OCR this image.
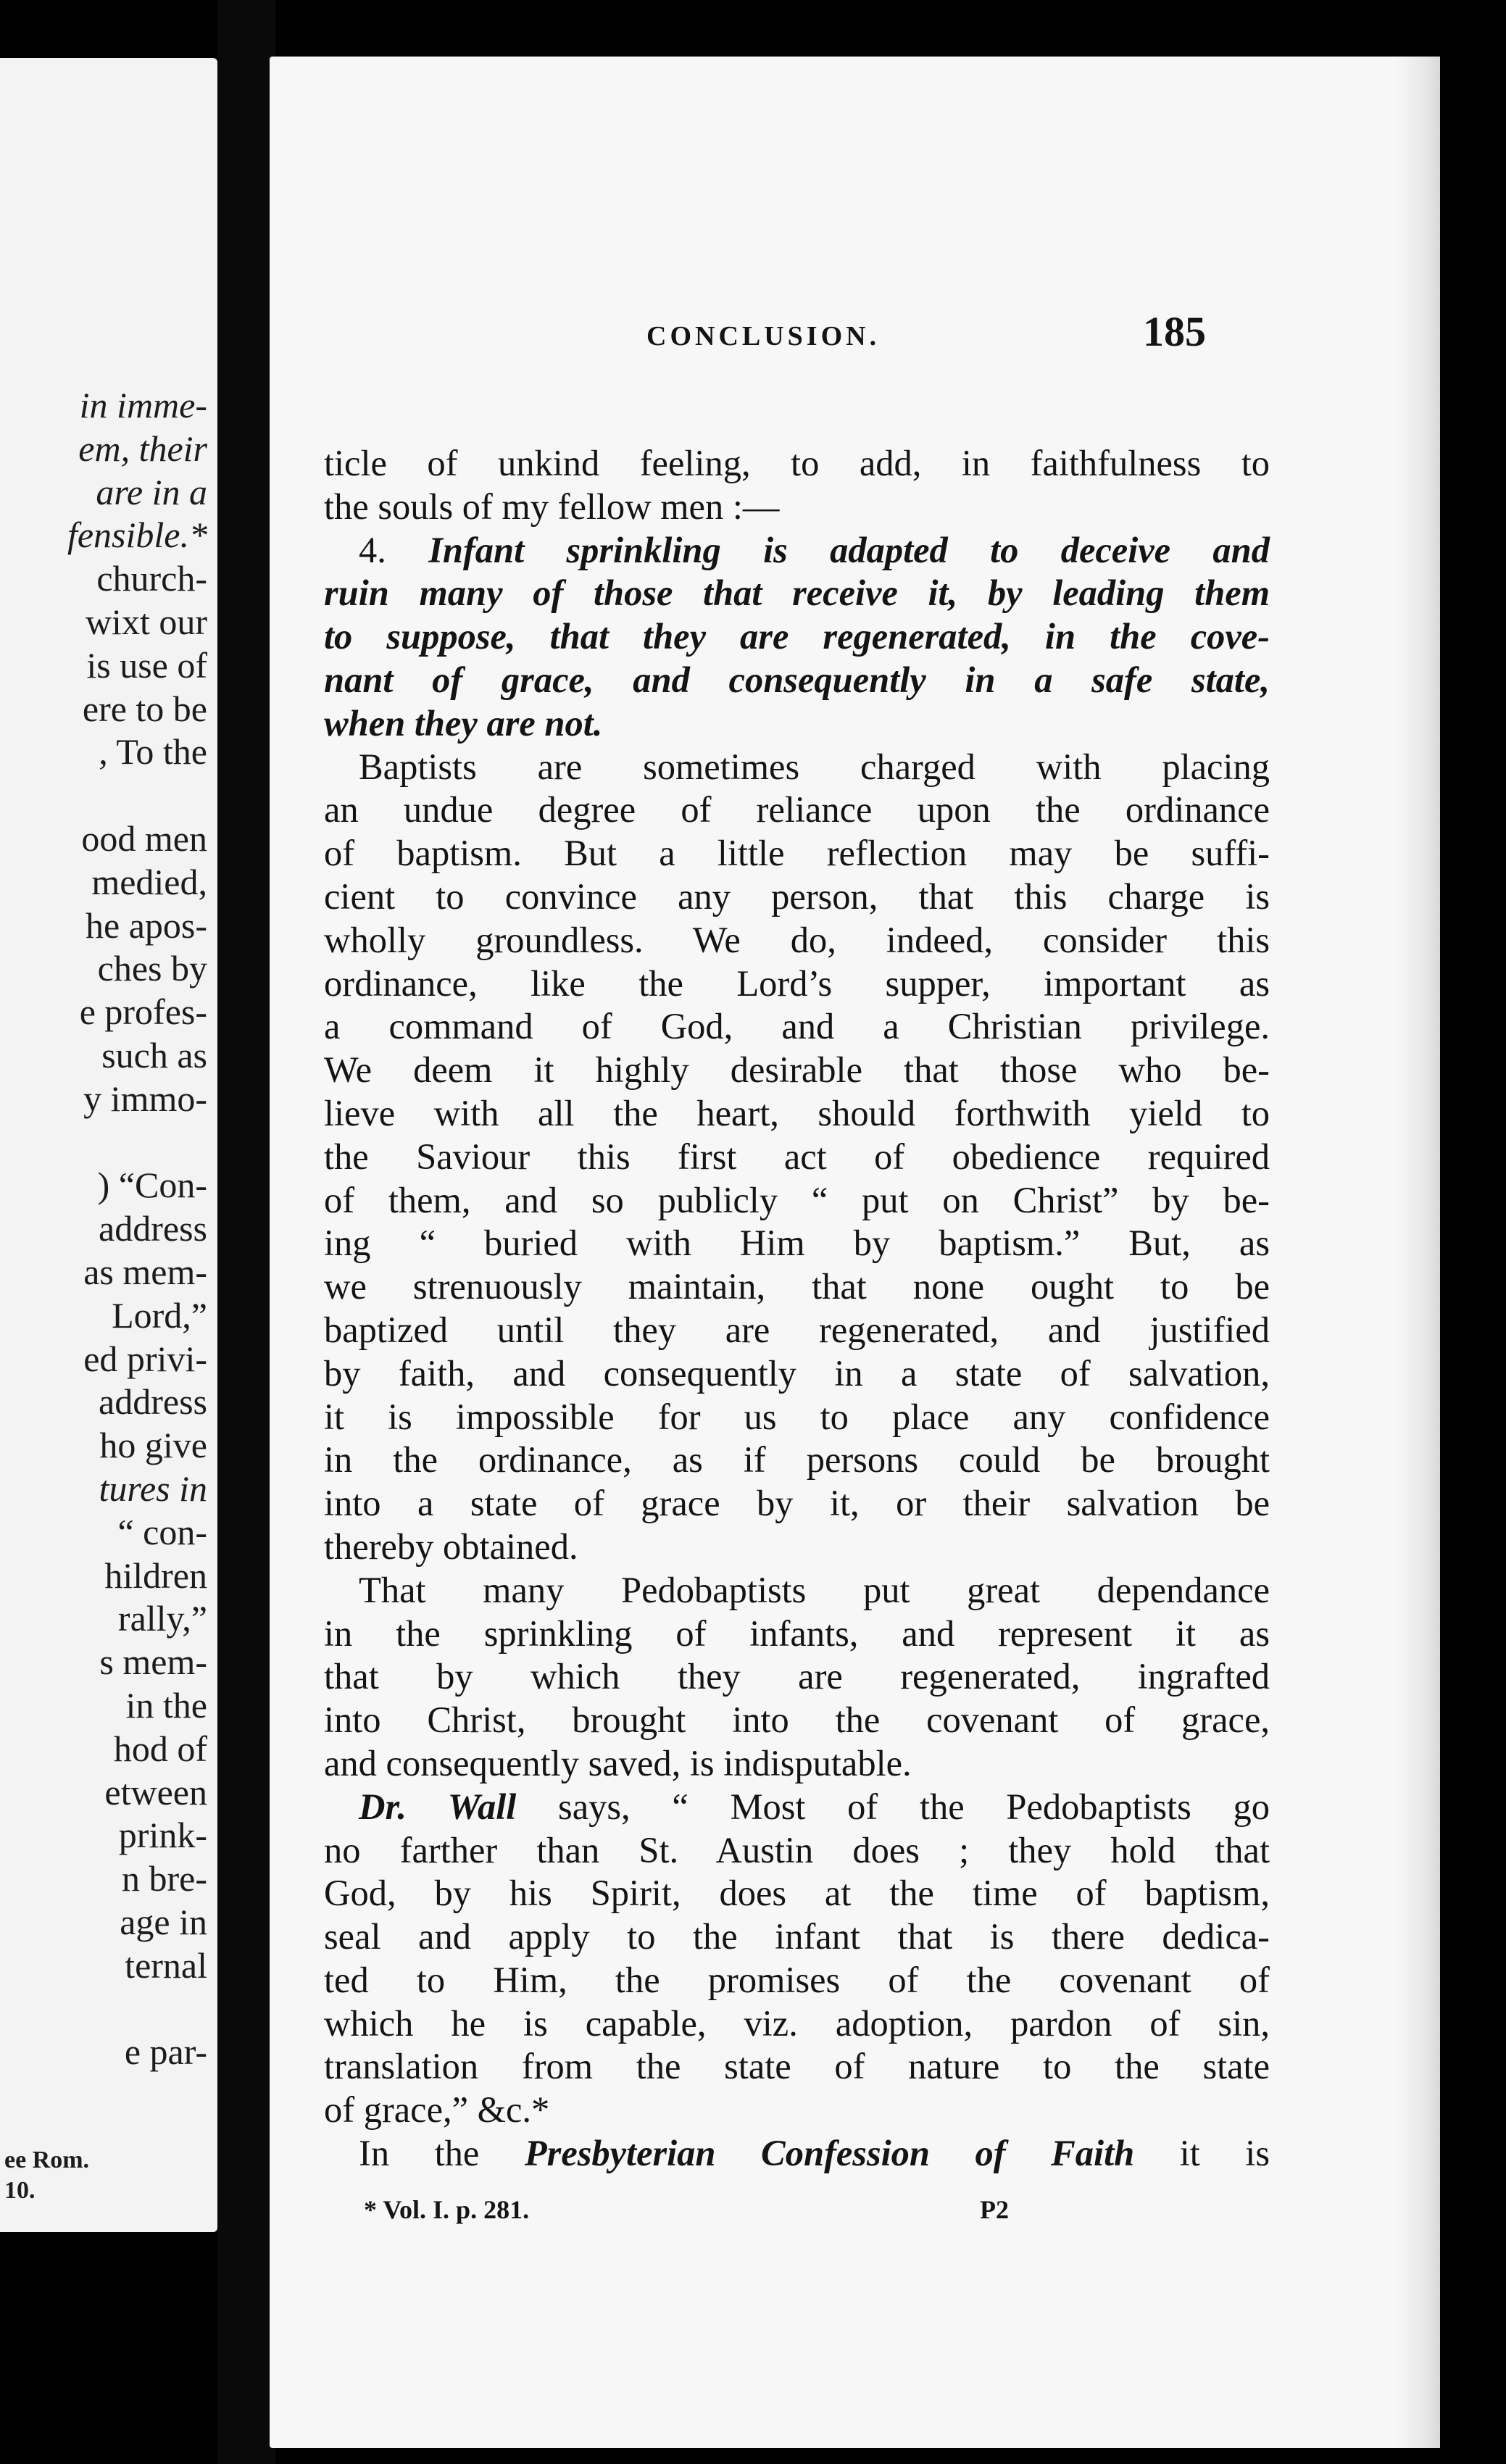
in imme-
em, their
are in a
fensible.*
church-
wixt our
is use of
ere to be
, To the
ood men
medied,
he apos-
ches by
e profes-
such as
y immo-
) “Con-
address
as mem-
Lord,”
ed privi-
address
ho give
tures in
“ con-
hildren
rally,”
s mem-
in the
hod of
etween
prink-
n bre-
age in
ternal
e par-
ee Rom.
10.
CONCLUSION.	185
ticle of unkind feeling, to add, in faithfulness to
the souls of my fellow men :—
4. Infant sprinkling is adapted to deceive and
ruin many of those that receive it, by leading them
to suppose, that they are regenerated, in the cove-
nant of grace, and consequently in a safe state,
when they are not.
Baptists are sometimes charged with placing
an undue degree of reliance upon the ordinance
of baptism. But a little reflection may be suffi-
cient to convince any person, that this charge is
wholly groundless. We do, indeed, consider this
ordinance, like the Lord’s supper, important as
a command of God, and a Christian privilege.
We deem it highly desirable that those who be-
lieve with all the heart, should forthwith yield to
the Saviour this first act of obedience required
of them, and so publicly “ put on Christ” by be-
ing “ buried with Him by baptism.” But, as
we strenuously maintain, that none ought to be
baptized until they are regenerated, and justified
by faith, and consequently in a state of salvation,
it is impossible for us to place any confidence
in the ordinance, as if persons could be brought
into a state of grace by it, or their salvation be
thereby obtained.
That many Pedobaptists put great dependance
in the sprinkling of infants, and represent it as
that by which they are regenerated, ingrafted
into Christ, brought into the covenant of grace,
and consequently saved, is indisputable.
Dr. Wall says, “ Most of the Pedobaptists go
no farther than St. Austin does ; they hold that
God, by his Spirit, does at the time of baptism,
seal and apply to the infant that is there dedica-
ted to Him, the promises of the covenant of
which he is capable, viz. adoption, pardon of sin,
translation from the state of nature to the state
of grace,” &c.*
In the Presbyterian Confession of Faith it is
* Vol. I. p. 281.	P2
